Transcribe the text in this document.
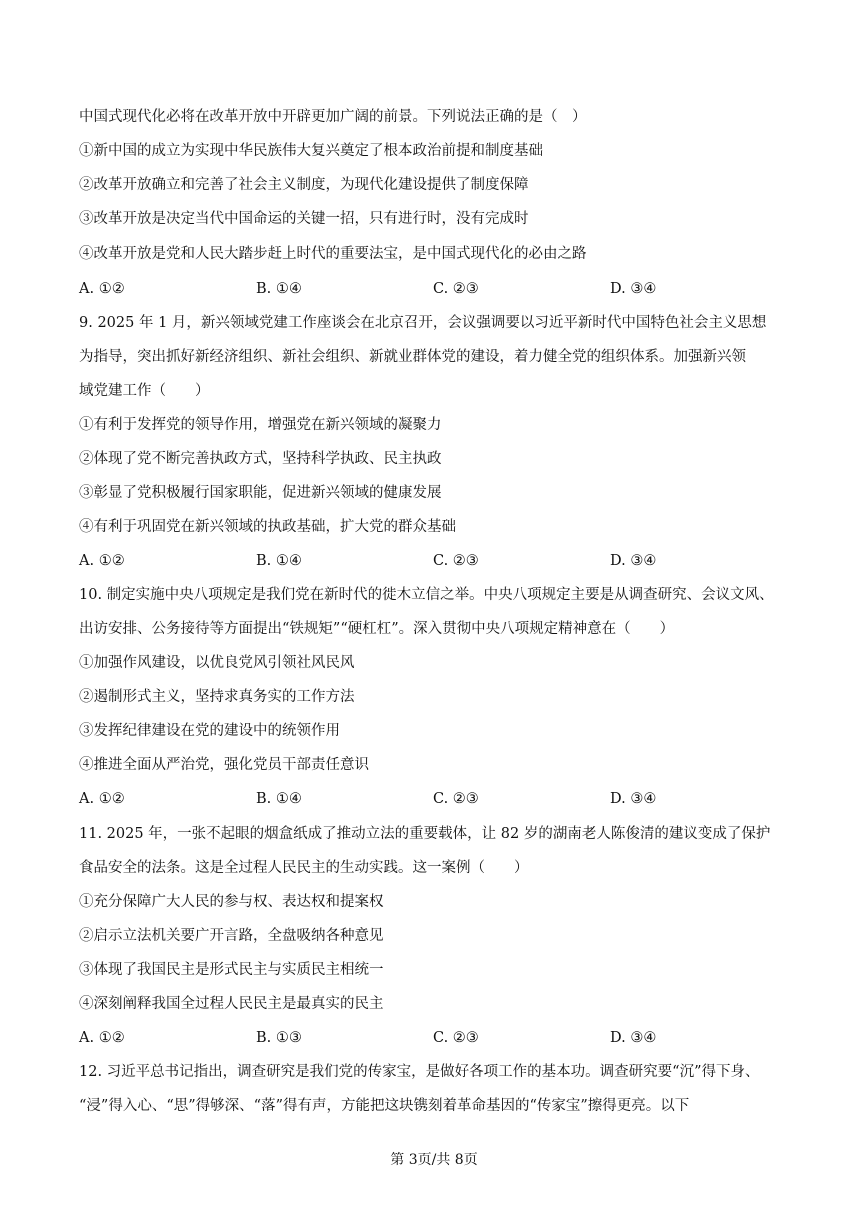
中国式现代化必将在改革开放中开辟更加广阔的前景。下列说法正确的是（　）
①新中国的成立为实现中华民族伟大复兴奠定了根本政治前提和制度基础
②改革开放确立和完善了社会主义制度，为现代化建设提供了制度保障
③改革开放是决定当代中国命运的关键一招，只有进行时，没有完成时
④改革开放是党和人民大踏步赶上时代的重要法宝，是中国式现代化的必由之路
A. ①②	B. ①④	C. ②③	D. ③④
9. 2025 年 1 月，新兴领域党建工作座谈会在北京召开，会议强调要以习近平新时代中国特色社会主义思想
为指导，突出抓好新经济组织、新社会组织、新就业群体党的建设，着力健全党的组织体系。加强新兴领
域党建工作（　　）
①有利于发挥党的领导作用，增强党在新兴领域的凝聚力
②体现了党不断完善执政方式，坚持科学执政、民主执政
③彰显了党积极履行国家职能，促进新兴领域的健康发展
④有利于巩固党在新兴领域的执政基础，扩大党的群众基础
A. ①②	B. ①④	C. ②③	D. ③④
10. 制定实施中央八项规定是我们党在新时代的徙木立信之举。中央八项规定主要是从调查研究、会议文风、
出访安排、公务接待等方面提出“铁规矩”“硬杠杠”。深入贯彻中央八项规定精神意在（　　）
①加强作风建设，以优良党风引领社风民风
②遏制形式主义，坚持求真务实的工作方法
③发挥纪律建设在党的建设中的统领作用
④推进全面从严治党，强化党员干部责任意识
A. ①②	B. ①④	C. ②③	D. ③④
11. 2025 年，一张不起眼的烟盒纸成了推动立法的重要载体，让 82 岁的湖南老人陈俊清的建议变成了保护
食品安全的法条。这是全过程人民民主的生动实践。这一案例（　　）
①充分保障广大人民的参与权、表达权和提案权
②启示立法机关要广开言路，全盘吸纳各种意见
③体现了我国民主是形式民主与实质民主相统一
④深刻阐释我国全过程人民民主是最真实的民主
A. ①②	B. ①③	C. ②③	D. ③④
12. 习近平总书记指出，调查研究是我们党的传家宝，是做好各项工作的基本功。调查研究要“沉”得下身、
“浸”得入心、“思”得够深、“落”得有声，方能把这块镌刻着革命基因的“传家宝”擦得更亮。以下
第 3页/共 8页
